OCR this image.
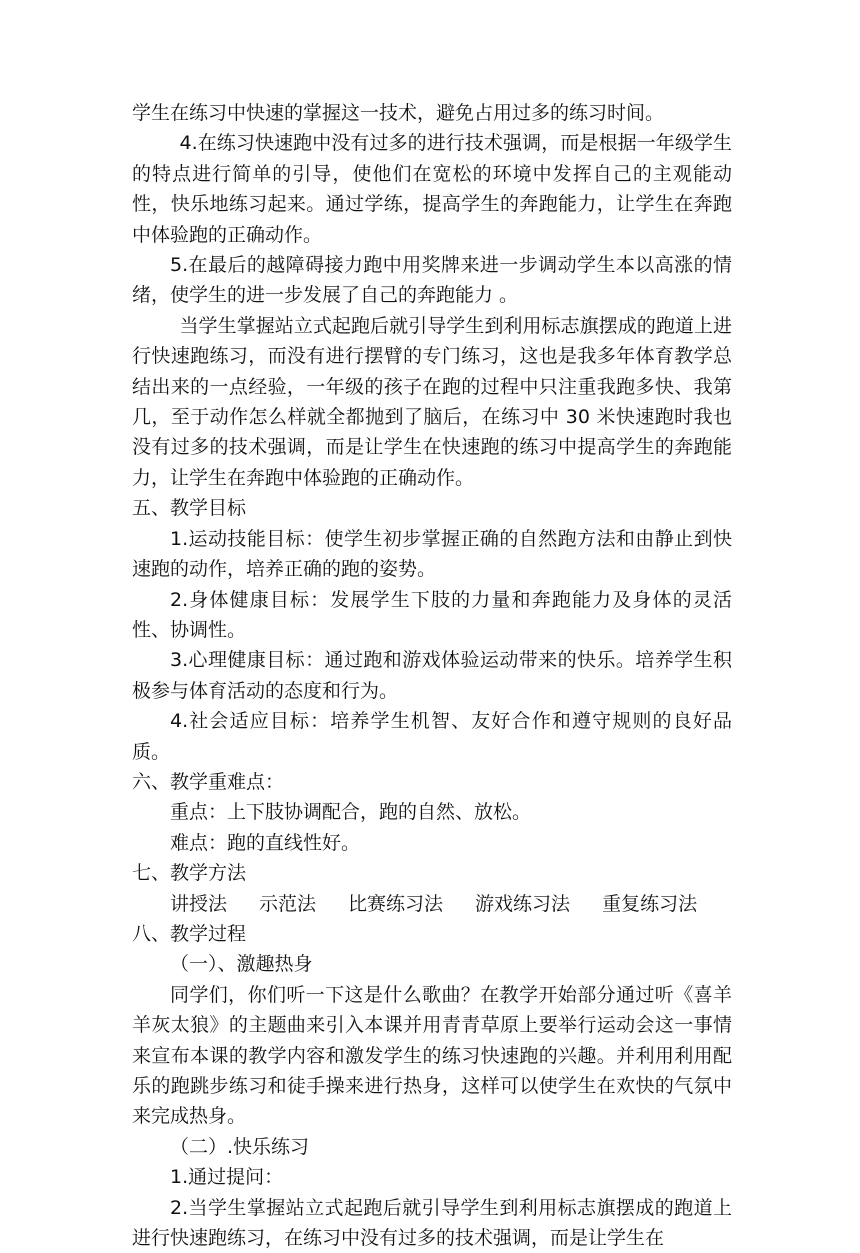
学生在练习中快速的掌握这一技术，避免占用过多的练习时间。

4.在练习快速跑中没有过多的进行技术强调，而是根据一年级学生的特点进行简单的引导，使他们在宽松的环境中发挥自己的主观能动性，快乐地练习起来。通过学练，提高学生的奔跑能力，让学生在奔跑中体验跑的正确动作。

5.在最后的越障碍接力跑中用奖牌来进一步调动学生本以高涨的情绪，使学生的进一步发展了自己的奔跑能力 。

当学生掌握站立式起跑后就引导学生到利用标志旗摆成的跑道上进行快速跑练习，而没有进行摆臂的专门练习，这也是我多年体育教学总结出来的一点经验，一年级的孩子在跑的过程中只注重我跑多快、我第几，至于动作怎么样就全都抛到了脑后，在练习中 30 米快速跑时我也没有过多的技术强调，而是让学生在快速跑的练习中提高学生的奔跑能力，让学生在奔跑中体验跑的正确动作。

五、教学目标

1.运动技能目标：使学生初步掌握正确的自然跑方法和由静止到快速跑的动作，培养正确的跑的姿势。

2.身体健康目标：发展学生下肢的力量和奔跑能力及身体的灵活性、协调性。

3.心理健康目标：通过跑和游戏体验运动带来的快乐。培养学生积极参与体育活动的态度和行为。

4.社会适应目标：培养学生机智、友好合作和遵守规则的良好品质。

六、教学重难点：

重点：上下肢协调配合，跑的自然、放松。

难点：跑的直线性好。

七、教学方法
讲授法 示范法 比赛练习法 游戏练习法 重复练习法
八、教学过程

（一）、激趣热身

同学们，你们听一下这是什么歌曲？在教学开始部分通过听《喜羊羊灰太狼》的主题曲来引入本课并用青青草原上要举行运动会这一事情来宣布本课的教学内容和激发学生的练习快速跑的兴趣。并利用利用配乐的跑跳步练习和徒手操来进行热身，这样可以使学生在欢快的气氛中来完成热身。

（二）.快乐练习

1.通过提问：

2.当学生掌握站立式起跑后就引导学生到利用标志旗摆成的跑道上进行快速跑练习，在练习中没有过多的技术强调，而是让学生在
